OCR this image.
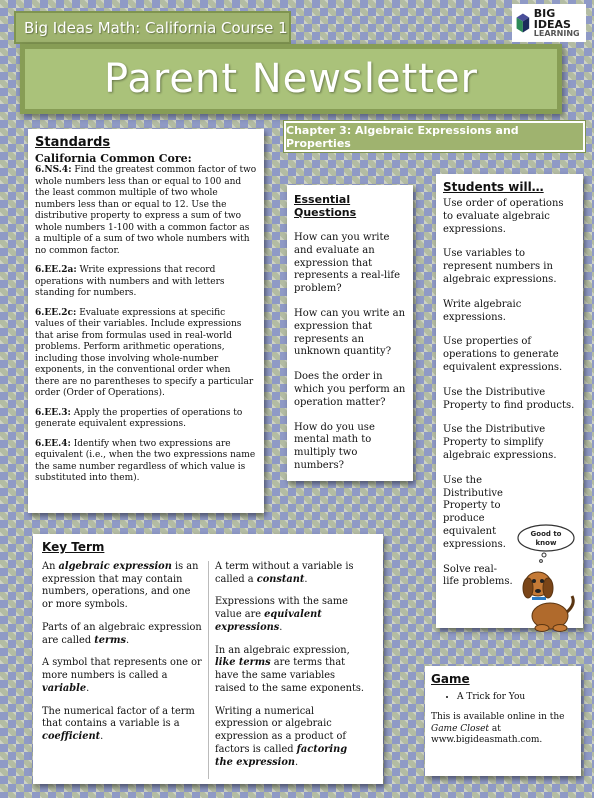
Big Ideas Math: California Course 1
BIG IDEAS
LEARNING
Parent Newsletter
Chapter 3: Algebraic Expressions and Properties
Standards
California Common Core:

6.NS.4: Find the greatest common factor of two whole numbers less than or equal to 100 and the least common multiple of two whole numbers less than or equal to 12. Use the distributive property to express a sum of two whole numbers 1-100 with a common factor as a multiple of a sum of two whole numbers with no common factor.

6.EE.2a: Write expressions that record operations with numbers and with letters standing for numbers.

6.EE.2c: Evaluate expressions at specific values of their variables. Include expressions that arise from formulas used in real-world problems. Perform arithmetic operations, including those involving whole-number exponents, in the conventional order when there are no parentheses to specify a particular order (Order of Operations).

6.EE.3: Apply the properties of operations to generate equivalent expressions.

6.EE.4: Identify when two expressions are equivalent (i.e., when the two expressions name the same number regardless of which value is substituted into them).

Essential Questions

How can you write and evaluate an expression that represents a real-life problem?

How can you write an expression that represents an unknown quantity?

Does the order in which you perform an operation matter?

How do you use mental math to multiply two numbers?

Students will…

Use order of operations to evaluate algebraic expressions.

Use variables to represent numbers in algebraic expressions.

Write algebraic expressions.

Use properties of operations to generate equivalent expressions.

Use the Distributive Property to find products.

Use the Distributive Property to simplify algebraic expressions.

Use the Distributive Property to produce equivalent expressions.

Solve real-life problems.

Good to
know
Key Term

An algebraic expression is an expression that may contain numbers, operations, and one or more symbols.

Parts of an algebraic expression are called terms.

A symbol that represents one or more numbers is called a variable.

The numerical factor of a term that contains a variable is a coefficient.

A term without a variable is called a constant.

Expressions with the same value are equivalent expressions.

In an algebraic expression, like terms are terms that have the same variables raised to the same exponents.

Writing a numerical expression or algebraic expression as a product of factors is called factoring the expression.

Game
• A Trick for You

This is available online in the Game Closet at www.bigideasmath.com.
